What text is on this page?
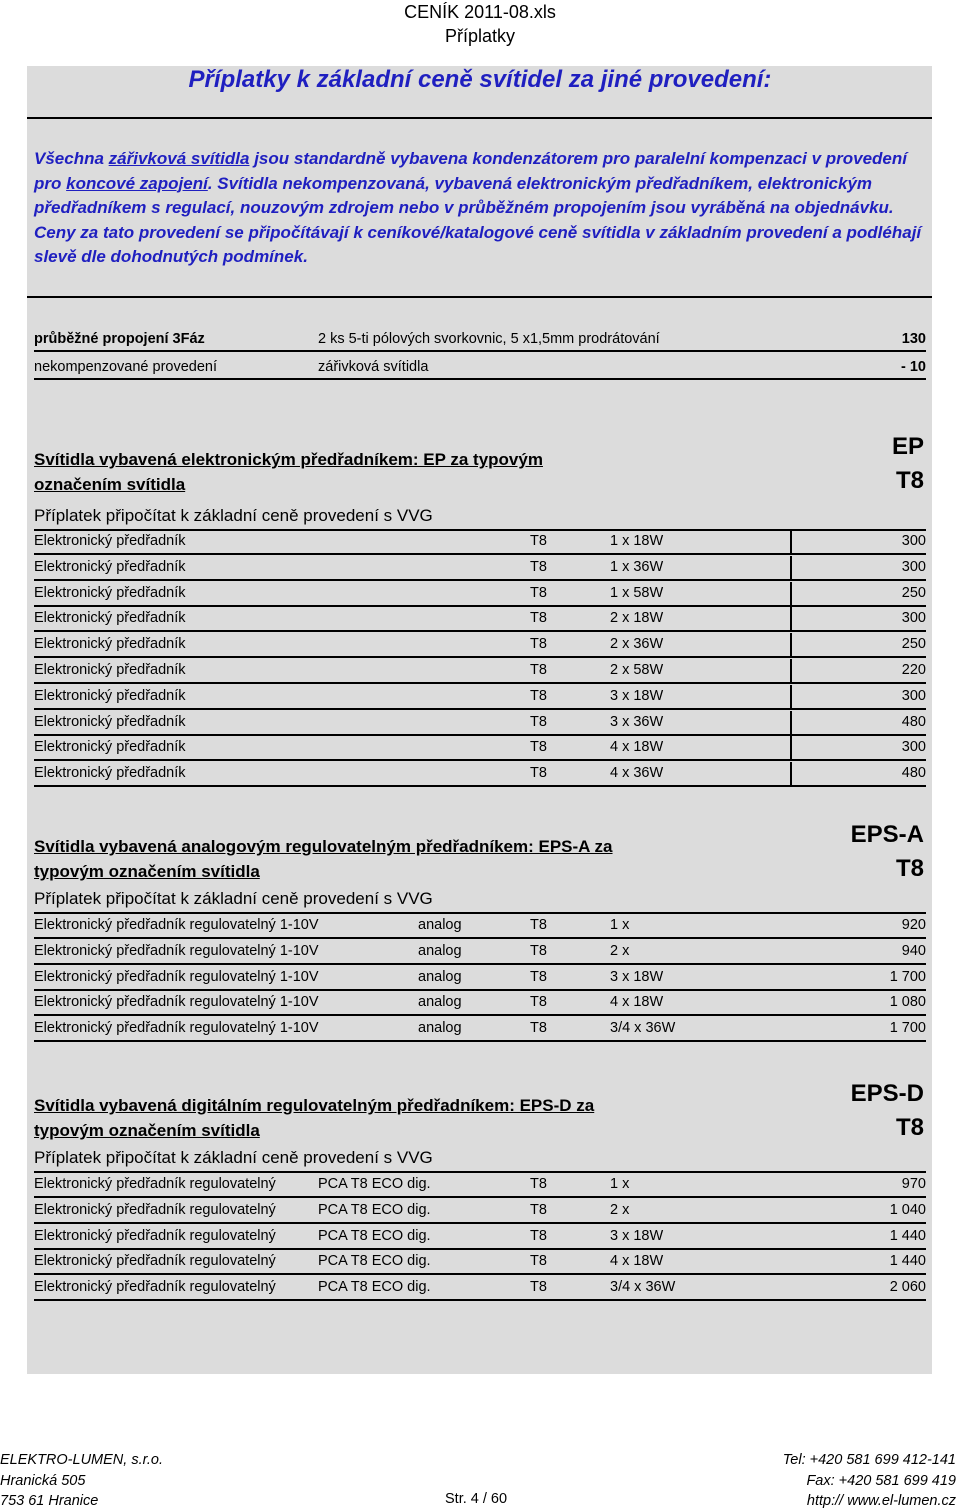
CENÍK 2011-08.xls
Příplatky
Příplatky k základní ceně svítidel za jiné provedení:
Všechna zářivková svítidla jsou standardně vybavena kondenzátorem pro paralelní kompenzaci v provedení pro koncové zapojení. Svítidla nekompenzovaná, vybavená elektronickým předřadníkem, elektronickým předřadníkem s regulací, nouzovým zdrojem nebo v průběžném propojením jsou vyráběná na objednávku. Ceny za tato provedení se připočítávají k ceníkové/katalogové ceně svítidla v základním provedení a podléhají slevě dle dohodnutých podmínek.
průběžné propojení 3Fáz	2 ks 5-ti pólových svorkovnic, 5 x1,5mm prodrátování	130
nekompenzované provedení	zářivková svítidla	- 10
Svítidla vybavená elektronickým předřadníkem: EP za typovým
označením svítidla
Příplatek připočítat k základní ceně provedení s VVG
EP
T8
Elektronický předřadník	T8	1 x 18W	300
Elektronický předřadník	T8	1 x 36W	300
Elektronický předřadník	T8	1 x 58W	250
Elektronický předřadník	T8	2 x 18W	300
Elektronický předřadník	T8	2 x 36W	250
Elektronický předřadník	T8	2 x 58W	220
Elektronický předřadník	T8	3 x 18W	300
Elektronický předřadník	T8	3 x 36W	480
Elektronický předřadník	T8	4 x 18W	300
Elektronický předřadník	T8	4 x 36W	480
Svítidla vybavená analogovým regulovatelným předřadníkem: EPS-A za
typovým označením svítidla
Příplatek připočítat k základní ceně provedení s VVG
EPS-A
T8
Elektronický předřadník regulovatelný 1-10V	analog	T8	1 x	920
Elektronický předřadník regulovatelný 1-10V	analog	T8	2 x	940
Elektronický předřadník regulovatelný 1-10V	analog	T8	3 x 18W	1 700
Elektronický předřadník regulovatelný 1-10V	analog	T8	4 x 18W	1 080
Elektronický předřadník regulovatelný 1-10V	analog	T8	3/4 x 36W	1 700
Svítidla vybavená digitálním regulovatelným předřadníkem: EPS-D za
typovým označením svítidla
Příplatek připočítat k základní ceně provedení s VVG
EPS-D
T8
Elektronický předřadník regulovatelný	PCA T8 ECO dig.	T8	1 x	970
Elektronický předřadník regulovatelný	PCA T8 ECO dig.	T8	2 x	1 040
Elektronický předřadník regulovatelný	PCA T8 ECO dig.	T8	3 x 18W	1 440
Elektronický předřadník regulovatelný	PCA T8 ECO dig.	T8	4 x 18W	1 440
Elektronický předřadník regulovatelný	PCA T8 ECO dig.	T8	3/4 x 36W	2 060
ELEKTRO-LUMEN, s.r.o.
Hranická 505
753 61 Hranice	Str. 4 / 60
Tel: +420 581 699 412-141
Fax: +420 581 699 419
http:// www.el-lumen.cz
